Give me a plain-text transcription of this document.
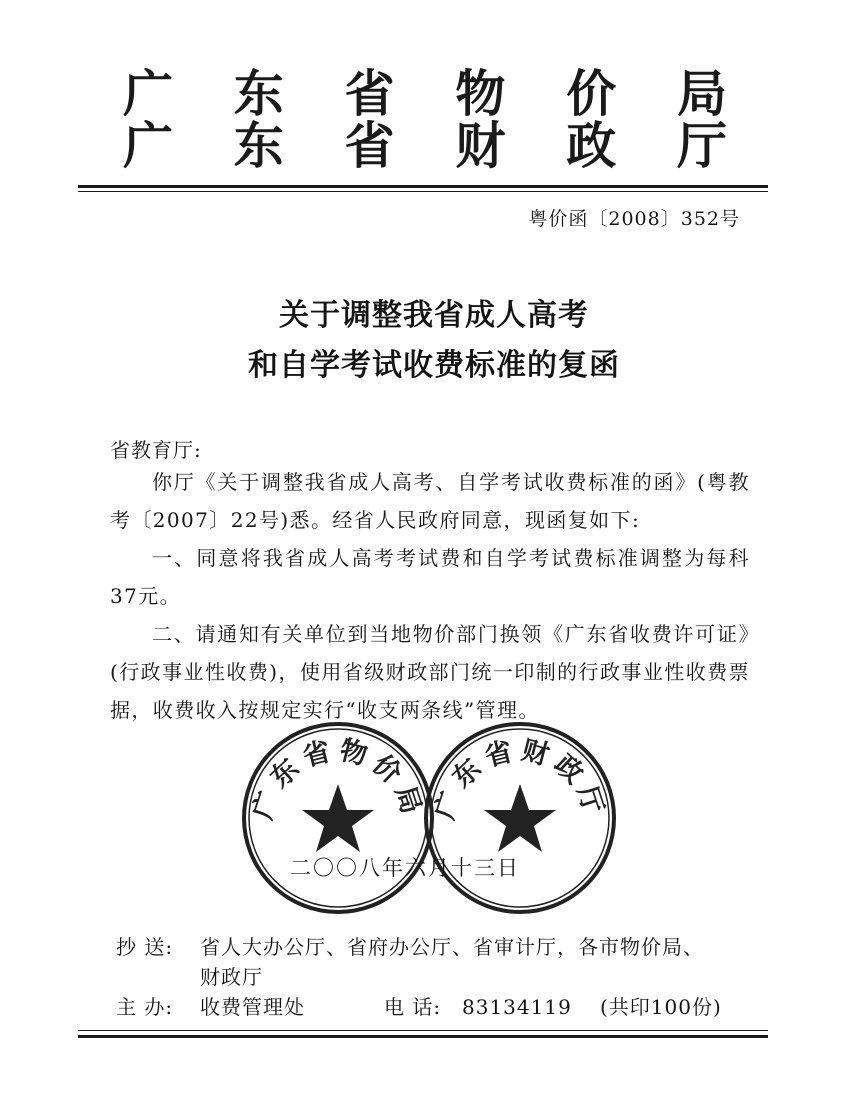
广 东 省 物 价 局
广 东 省 财 政 厅
粤价函〔2008〕352号
关于调整我省成人高考
和自学考试收费标准的复函
省教育厅:
你厅《关于调整我省成人高考、自学考试收费标准的函》(粤教考〔2007〕22号)悉。经省人民政府同意，现函复如下:
一、同意将我省成人高考考试费和自学考试费标准调整为每科37元。
二、请通知有关单位到当地物价部门换领《广东省收费许可证》(行政事业性收费)，使用省级财政部门统一印制的行政事业性收费票据，收费收入按规定实行“收支两条线”管理。
广东省物价局 广东省财政厅
二〇〇八年六月十三日
抄 送: 省人大办公厅、省府办公厅、省审计厅，各市物价局、
财政厅
主 办: 收费管理处	电 话: 83134119 (共印100份)
